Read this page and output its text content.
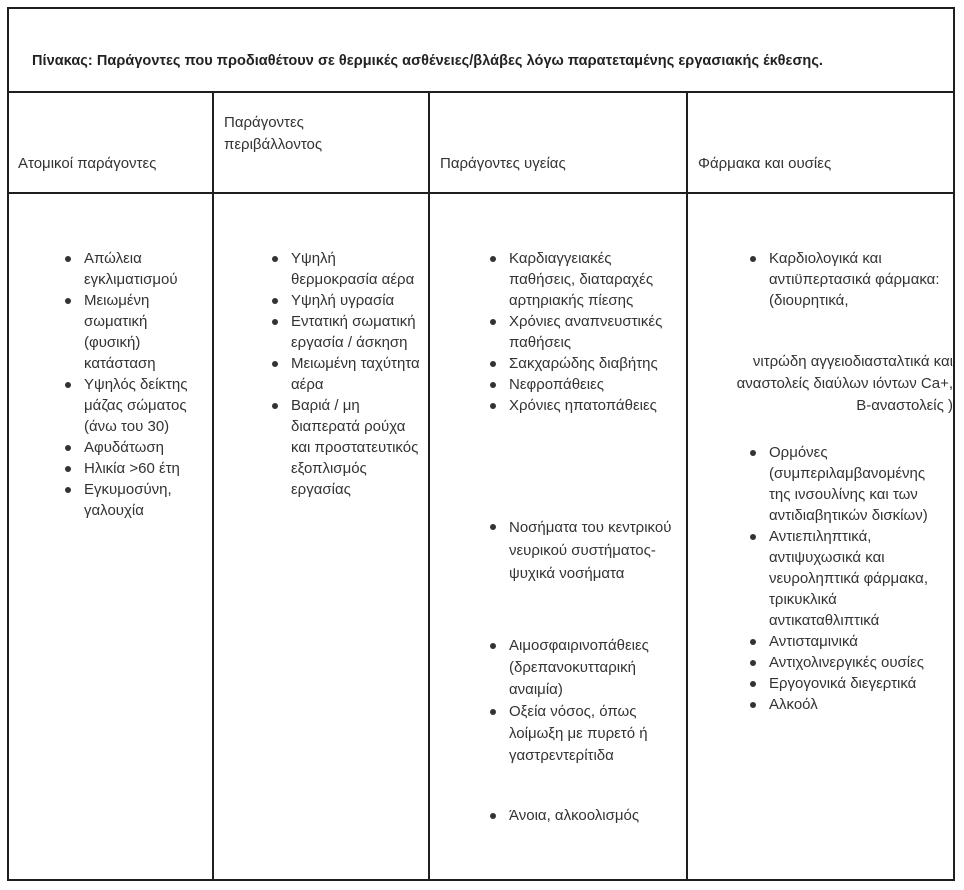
Πίνακας: Παράγοντες που προδιαθέτουν σε θερμικές ασθένειες/βλάβες λόγω παρατεταμένης εργασιακής έκθεσης.
Ατομικοί παράγοντες
Παράγοντες περιβάλλοντος
Παράγοντες υγείας	Φάρμακα και ουσίες
Απώλεια εγκλιματισμού
Μειωμένη σωματική (φυσική) κατάσταση
Υψηλός δείκτης μάζας σώματος (άνω του 30)
Αφυδάτωση
Ηλικία >60 έτη
Εγκυμοσύνη, γαλουχία
Υψηλή θερμοκρασία αέρα
Υψηλή υγρασία
Εντατική σωματική εργασία / άσκηση
Μειωμένη ταχύτητα αέρα
Βαριά / μη διαπερατά ρούχα και προστατευτικός εξοπλισμός εργασίας
Καρδιαγγειακές παθήσεις, διαταραχές αρτηριακής πίεσης
Χρόνιες αναπνευστικές παθήσεις
Σακχαρώδης διαβήτης
Νεφροπάθειες
Χρόνιες ηπατοπάθειες
Νοσήματα του κεντρικού νευρικού συστήματος-ψυχικά νοσήματα
Αιμοσφαιρινοπάθειες (δρεπανοκυτταρική αναιμία)
Οξεία νόσος, όπως λοίμωξη με πυρετό ή γαστρεντερίτιδα
Άνοια, αλκοολισμός
Καρδιολογικά και αντιϋπερτασικά φάρμακα: (διουρητικά,
νιτρώδη αγγειοδιασταλτικά και αναστολείς διαύλων ιόντων Ca+, Β-αναστολείς )
Ορμόνες (συμπεριλαμβανομένης της ινσουλίνης και των αντιδιαβητικών δισκίων)
Αντιεπιληπτικά, αντιψυχωσικά και νευροληπτικά φάρμακα, τρικυκλικά αντικαταθλιπτικά
Αντισταμινικά
Αντιχολινεργικές ουσίες
Εργογονικά διεγερτικά
Αλκοόλ
